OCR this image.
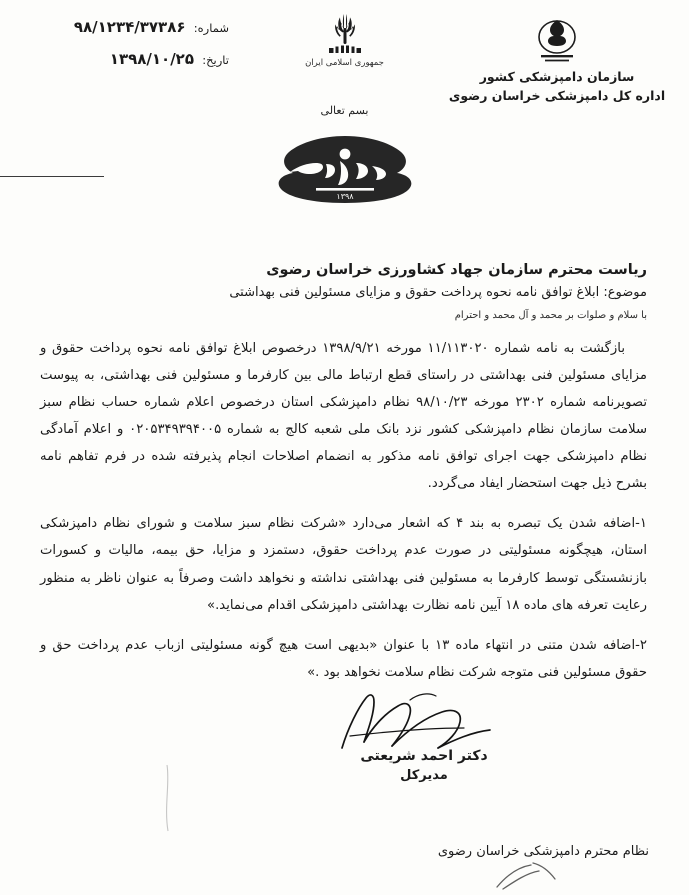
شماره: ۹۸/۱۲۳۴/۳۷۳۸۶
تاریخ: ۱۳۹۸/۱۰/۲۵	جمهوری اسلامی ایران
سازمان دامپزشکی کشور
اداره کل دامپزشکی خراسان رضوی
بسم تعالی
۱۳۹۸
ریاست محترم سازمان جهاد کشاورزی خراسان رضوی
موضوع: ابلاغ توافق نامه نحوه پرداخت حقوق و مزایای مسئولین فنی بهداشتی
با سلام و صلوات بر محمد و آل محمد و احترام

بازگشت به نامه شماره ۱۱/۱۱۳۰۲۰ مورخه ۱۳۹۸/۹/۲۱ درخصوص ابلاغ توافق نامه نحوه پرداخت حقوق و مزایای مسئولین فنی بهداشتی در راستای قطع ارتباط مالی بین کارفرما و مسئولین فنی بهداشتی، به پیوست تصویرنامه شماره ۲۳۰۲ مورخه ۹۸/۱۰/۲۳ نظام دامپزشکی استان درخصوص اعلام شماره حساب نظام سبز سلامت سازمان نظام دامپزشکی کشور نزد بانک ملی شعبه کالج به شماره ۰۲۰۵۳۴۹۳۹۴۰۰۵ و اعلام آمادگی نظام دامپزشکی جهت اجرای توافق نامه مذکور به انضمام اصلاحات انجام پذیرفته شده در فرم تفاهم نامه بشرح ذیل جهت استحضار ایفاد می‌گردد.

۱-اضافه شدن یک تبصره به بند ۴ که اشعار می‌دارد «شرکت نظام سبز سلامت و شورای نظام دامپزشکی استان، هیچگونه مسئولیتی در صورت عدم پرداخت حقوق، دستمزد و مزایا، حق بیمه، مالیات و کسورات بازنشستگی توسط کارفرما به مسئولین فنی بهداشتی نداشته و نخواهد داشت وصرفاً به عنوان ناظر به منظور رعایت تعرفه های ماده ۱۸ آیین نامه نظارت بهداشتی دامپزشکی اقدام می‌نماید.»

۲-اضافه شدن متنی در انتهاء ماده ۱۳ با عنوان «بدیهی است هیچ گونه مسئولیتی ازباب عدم پرداخت حق و حقوق مسئولین فنی متوجه شرکت نظام سلامت نخواهد بود .»

دکتر احمد شریعتی
مدیرکل
نظام محترم دامپزشکی خراسان رضوی
